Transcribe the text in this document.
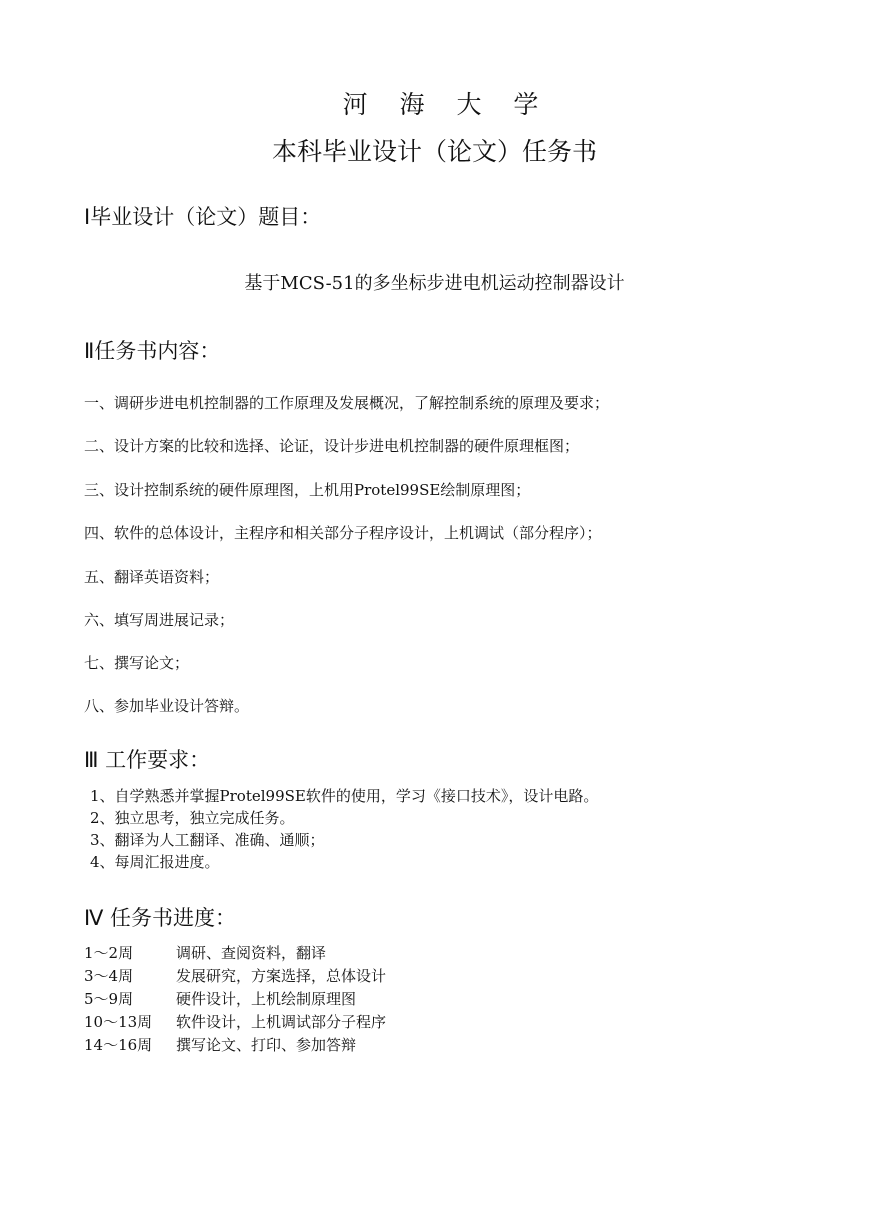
河 海 大 学
本科毕业设计（论文）任务书
Ⅰ毕业设计（论文）题目：
基于MCS-51的多坐标步进电机运动控制器设计
Ⅱ任务书内容：
一、调研步进电机控制器的工作原理及发展概况，了解控制系统的原理及要求；
二、设计方案的比较和选择、论证，设计步进电机控制器的硬件原理框图；
三、设计控制系统的硬件原理图，上机用Protel99SE绘制原理图；
四、软件的总体设计，主程序和相关部分子程序设计，上机调试（部分程序）；
五、翻译英语资料；
六、填写周进展记录；
七、撰写论文；
八、参加毕业设计答辩。
Ⅲ 工作要求：
1、自学熟悉并掌握Protel99SE软件的使用，学习《接口技术》，设计电路。
2、独立思考，独立完成任务。
3、翻译为人工翻译、准确、通顺；
4、每周汇报进度。
Ⅳ 任务书进度：
1～2周	调研、查阅资料，翻译
3～4周	发展研究，方案选择，总体设计
5～9周	硬件设计，上机绘制原理图
10～13周	软件设计，上机调试部分子程序
14～16周	撰写论文、打印、参加答辩
